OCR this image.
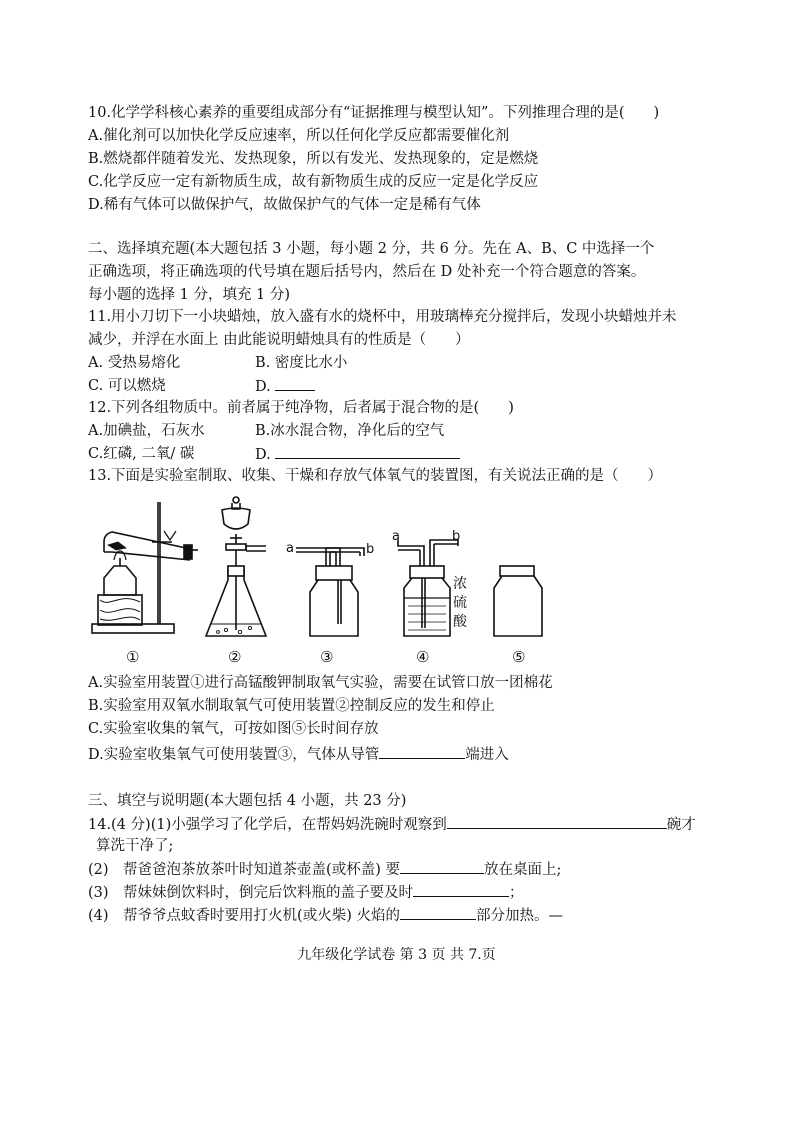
10.化学学科核心素养的重要组成部分有“证据推理与模型认知”。下列推理合理的是(　　)
A.催化剂可以加快化学反应速率，所以任何化学反应都需要催化剂
B.燃烧都伴随着发光、发热现象，所以有发光、发热现象的，定是燃烧
C.化学反应一定有新物质生成，故有新物质生成的反应一定是化学反应
D.稀有气体可以做保护气，故做保护气的气体一定是稀有气体
二、选择填充题(本大题包括 3 小题，每小题 2 分，共 6 分。先在 A、B、C 中选择一个
正确选项，将正确选项的代号填在题后括号内，然后在 D 处补充一个符合题意的答案。
每小题的选择 1 分，填充 1 分)
11.用小刀切下一小块蜡烛，放入盛有水的烧杯中，用玻璃棒充分搅拌后，发现小块蜡烛并未
减少，并浮在水面上 由此能说明蜡烛具有的性质是（　　）
A. 受热易熔化	B. 密度比水小
C. 可以燃烧	D.
12.下列各组物质中。前者属于纯净物，后者属于混合物的是(　　)
A.加碘盐，石灰水	B.冰水混合物，净化后的空气
C.红磷, 二氧/ 碳	D.
13.下面是实验室制取、收集、干燥和存放气体氧气的装置图，有关说法正确的是（　　）
a	b
a	b
浓
硫
酸
①	②	③	④	⑤
A.实验室用装置①进行高锰酸钾制取氧气实验，需要在试管口放一团棉花
B.实验室用双氧水制取氧气可使用装置②控制反应的发生和停止
C.实验室收集的氧气，可按如图⑤长时间存放
D.实验室收集氧气可使用装置③，气体从导管	端进入
三、填空与说明题(本大题包括 4 小题，共 23 分)
14.(4 分)(1)小强学习了化学后，在帮妈妈洗碗时观察到	碗才
算洗干净了;
(2)　帮爸爸泡茶放茶叶时知道茶壶盖(或杯盖) 要	放在桌面上;
(3)　帮妹妹倒饮料时，倒完后饮料瓶的盖子要及时	；
(4)　帮爷爷点蚊香时要用打火机(或火柴) 火焰的	部分加热。—
九年级化学试卷 第 3 页 共 7.页
